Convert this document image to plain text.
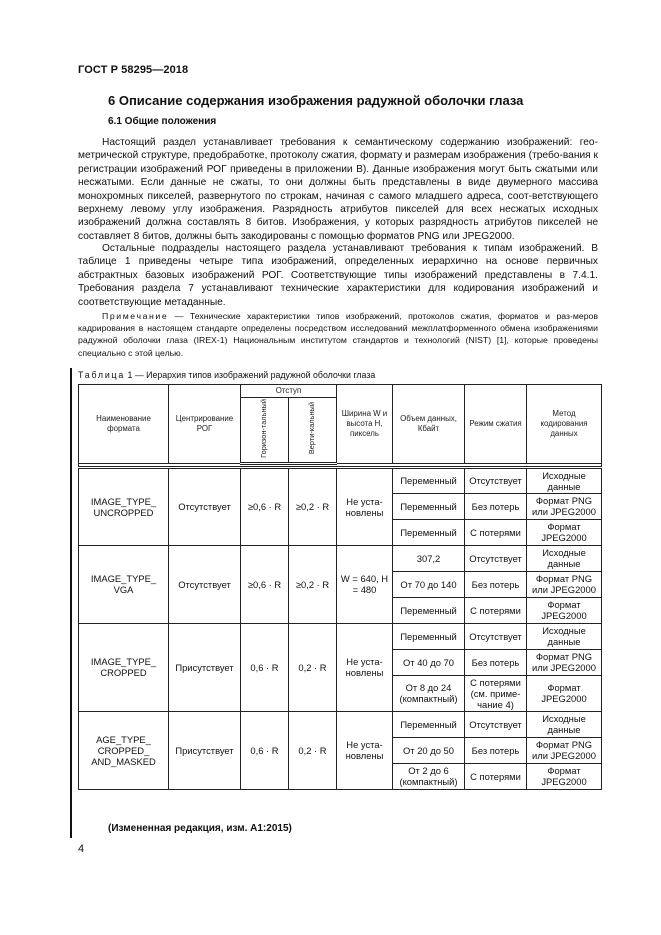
ГОСТ Р 58295—2018
6 Описание содержания изображения радужной оболочки глаза
6.1 Общие положения
Настоящий раздел устанавливает требования к семантическому содержанию изображений: гео-метрической структуре, предобработке, протоколу сжатия, формату и размерам изображения (требо-вания к регистрации изображений РОГ приведены в приложении В). Данные изображения могут быть сжатыми или несжатыми. Если данные не сжаты, то они должны быть представлены в виде двумерного массива монохромных пикселей, развернутого по строкам, начиная с самого младшего адреса, соот-ветствующего верхнему левому углу изображения. Разрядность атрибутов пикселей для всех несжатых исходных изображений должна составлять 8 битов. Изображения, у которых разрядность атрибутов пикселей не составляет 8 битов, должны быть закодированы с помощью форматов PNG или JPEG2000.
Остальные подразделы настоящего раздела устанавливают требования к типам изображений. В таблице 1 приведены четыре типа изображений, определенных иерархично на основе первичных абстрактных базовых изображений РОГ. Соответствующие типы изображений представлены в 7.4.1. Требования раздела 7 устанавливают технические характеристики для кодирования изображений и соответствующие метаданные.
Примечание — Технические характеристики типов изображений, протоколов сжатия, форматов и раз-меров кадрирования в настоящем стандарте определены посредством исследований межплатформенного обмена изображениями радужной оболочки глаза (IREX-1) Национальным институтом стандартов и технологий (NIST) [1], которые проведены специально с этой целью.
Таблица 1 — Иерархия типов изображений радужной оболочки глаза
Наименование формата	Центрирование РОГ	Отступ		Ширина W и высота H, пиксель	Объем данных, Кбайт	Режим сжатия	Метод кодирования данных
		Горизон-тальный	Верти-кальный				

IMAGE_TYPE_ UNCROPPED	Отсутствует	≥0,6 · R	≥0,2 · R	Не уста-новлены	Переменный	Отсутствует	Исходные данные
					Переменный	Без потерь	Формат PNG или JPEG2000
					Переменный	С потерями	Формат JPEG2000
IMAGE_TYPE_ VGA	Отсутствует	≥0,6 · R	≥0,2 · R	W = 640, H = 480	307,2	Отсутствует	Исходные данные
					От 70 до 140	Без потерь	Формат PNG или JPEG2000
					Переменный	С потерями	Формат JPEG2000
IMAGE_TYPE_ CROPPED	Присутствует	0,6 · R	0,2 · R	Не уста-новлены	Переменный	Отсутствует	Исходные данные
					От 40 до 70	Без потерь	Формат PNG или JPEG2000
					От 8 до 24 (компактный)	С потерями (см. приме-чание 4)	Формат JPEG2000
AGE_TYPE_ CROPPED_ AND_MASKED	Присутствует	0,6 · R	0,2 · R	Не уста-новлены	Переменный	Отсутствует	Исходные данные
					От 20 до 50	Без потерь	Формат PNG или JPEG2000
					От 2 до 6 (компактный)	С потерями	Формат JPEG2000
(Измененная редакция, изм. А1:2015)
4
